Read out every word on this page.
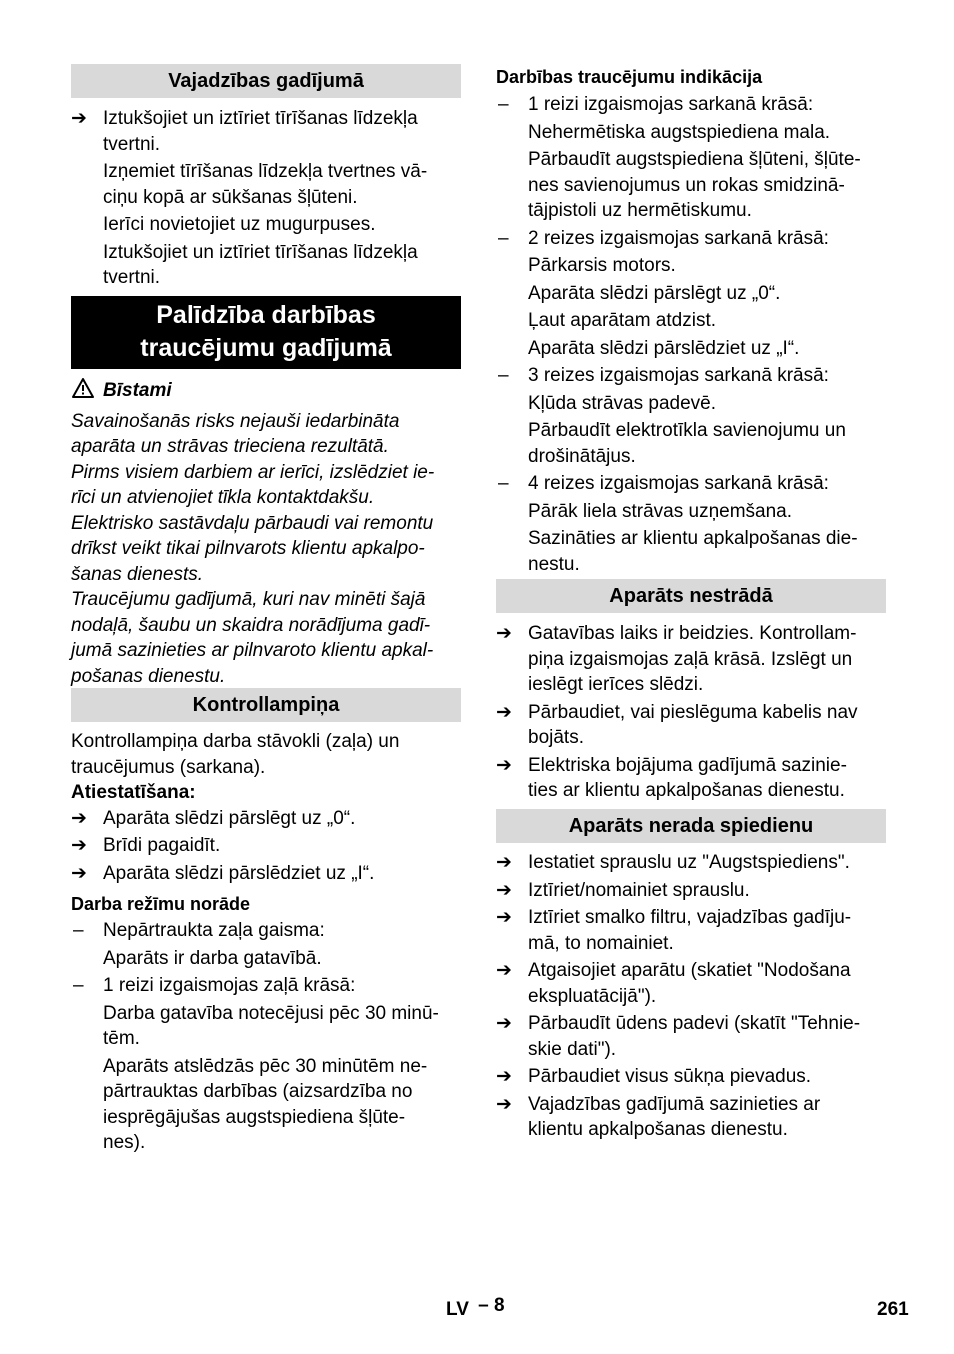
Vajadzības gadījumā
➔ Iztukšojiet un iztīriet tīrīšanas līdzekļa
tvertni.
Izņemiet tīrīšanas līdzekļa tvertnes vā-
ciņu kopā ar sūkšanas šļūteni.
Ierīci novietojiet uz mugurpuses.
Iztukšojiet un iztīriet tīrīšanas līdzekļa
tvertni.
Palīdzība darbības
traucējumu gadījumā
Bīstami
Savainošanās risks nejauši iedarbināta
aparāta un strāvas trieciena rezultātā.
Pirms visiem darbiem ar ierīci, izslēdziet ie-
rīci un atvienojiet tīkla kontaktdakšu.
Elektrisko sastāvdaļu pārbaudi vai remontu
drīkst veikt tikai pilnvarots klientu apkalpo-
šanas dienests.
Traucējumu gadījumā, kuri nav minēti šajā
nodaļā, šaubu un skaidra norādījuma gadī-
jumā sazinieties ar pilnvaroto klientu apkal-
pošanas dienestu.
Kontrollampiņa
Kontrollampiņa darba stāvokli (zaļa) un
traucējumus (sarkana).
Atiestatīšana:
➔ Aparāta slēdzi pārslēgt uz „0“.
➔ Brīdi pagaidīt.
➔ Aparāta slēdzi pārslēdziet uz „I“.
Darba režīmu norāde
– Nepārtraukta zaļa gaisma:
Aparāts ir darba gatavībā.
– 1 reizi izgaismojas zaļā krāsā:
Darba gatavība notecējusi pēc 30 minū-
tēm.
Aparāts atslēdzās pēc 30 minūtēm ne-
pārtrauktas darbības (aizsardzība no
iesprēgājušas augstspiediena šļūte-
nes).
Darbības traucējumu indikācija
– 1 reizi izgaismojas sarkanā krāsā:
Nehermētiska augstspiediena mala.
Pārbaudīt augstspiediena šļūteni, šļūte-
nes savienojumus un rokas smidzinā-
tājpistoli uz hermētiskumu.
– 2 reizes izgaismojas sarkanā krāsā:
Pārkarsis motors.
Aparāta slēdzi pārslēgt uz „0“.
Ļaut aparātam atdzist.
Aparāta slēdzi pārslēdziet uz „I“.
– 3 reizes izgaismojas sarkanā krāsā:
Kļūda strāvas padevē.
Pārbaudīt elektrotīkla savienojumu un
drošinātājus.
– 4 reizes izgaismojas sarkanā krāsā:
Pārāk liela strāvas uzņemšana.
Sazināties ar klientu apkalpošanas die-
nestu.
Aparāts nestrādā
➔ Gatavības laiks ir beidzies. Kontrollam-
piņa izgaismojas zaļā krāsā. Izslēgt un
ieslēgt ierīces slēdzi.
➔ Pārbaudiet, vai pieslēguma kabelis nav
bojāts.
➔ Elektriska bojājuma gadījumā sazinie-
ties ar klientu apkalpošanas dienestu.
Aparāts nerada spiedienu
➔ Iestatiet sprauslu uz "Augstspiediens".
➔ Iztīriet/nomainiet sprauslu.
➔ Iztīriet smalko filtru, vajadzības gadīju-
mā, to nomainiet.
➔ Atgaisojiet aparātu (skatiet "Nodošana
ekspluatācijā").
➔ Pārbaudīt ūdens padevi (skatīt "Tehnie-
skie dati").
➔ Pārbaudiet visus sūkņa pievadus.
➔ Vajadzības gadījumā sazinieties ar
klientu apkalpošanas dienestu.
LV – 8	261
